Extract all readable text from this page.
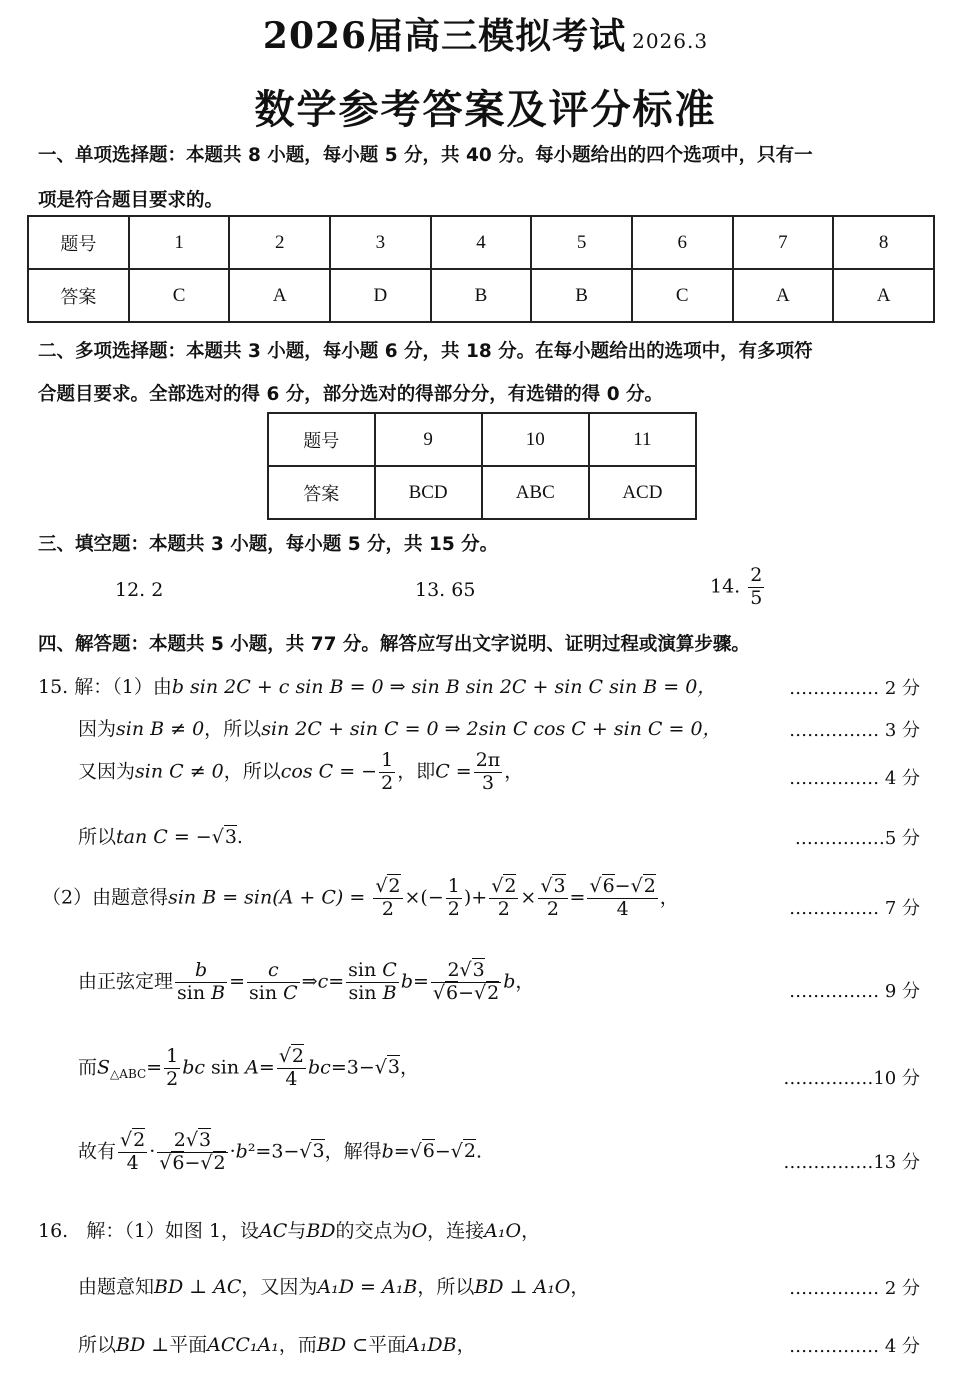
2026届高三模拟考试 2026.3
数学参考答案及评分标准
一、单项选择题：本题共 8 小题，每小题 5 分，共 40 分。每小题给出的四个选项中，只有一
项是符合题目要求的。
题号	1	2	3	4	5	6	7	8
答案	C	A	D	B	B	C	A	A
二、多项选择题：本题共 3 小题，每小题 6 分，共 18 分。在每小题给出的选项中，有多项符
合题目要求。全部选对的得 6 分，部分选对的得部分分，有选错的得 0 分。
题号	9	10	11
答案	BCD	ABC	ACD
三、填空题：本题共 3 小题，每小题 5 分，共 15 分。
12. 2	13. 65	14. $\frac{2}{5}$
四、解答题：本题共 5 小题，共 77 分。解答应写出文字说明、证明过程或演算步骤。
15. 解：（1）由b sin 2C + c sin B = 0 ⇒ sin B sin 2C + sin C sin B = 0，	…………… 2 分
因为sin B ≠ 0，所以sin 2C + sin C = 0 ⇒ 2sin C cos C + sin C = 0，	…………… 3 分
又因为sin C ≠ 0，所以cos C = − $\frac{1}{2}$ ，即$C = \frac{2\pi}{3}$ ，	…………… 4 分
所以tan C = −√3.	……………5 分
（2）由题意得$\sin B = \sin(A + C) = \frac{√2}{2}$ ×(− $\frac{1}{2}$ )+ $\frac{√2}{2} \times \frac{√3}{2} = \frac{√6-√2}{4}$ ，
…………… 7 分
由正弦定理 $\frac{b}{\text{sin B}} = \frac{c}{\text{sin C}}$ ⇒c= $\frac{\text{sin C}}{\text{sin B}} b= \frac{2√3}{√6-√2}$ b，	…………… 9 分
而$S_{\triangle ABC}= \frac{1}{2}$ bc $\sin A= \frac{√2}{4} bc=3-√3$，
……………10 分
故有 $\frac{√2}{4} \cdot \frac{2√3}{√6-√2} \cdot b^2=3-√3$，解得b=√6−√2.
……………13 分
16. 解：（1）如图 1，设AC与BD的交点为O，连接A₁O，
由题意知BD ⊥ AC，又因为A₁D = A₁B，所以BD ⊥ A₁O，	…………… 2 分
所以BD ⊥平面ACC₁A₁，而BD ⊂平面A₁DB，	…………… 4 分
